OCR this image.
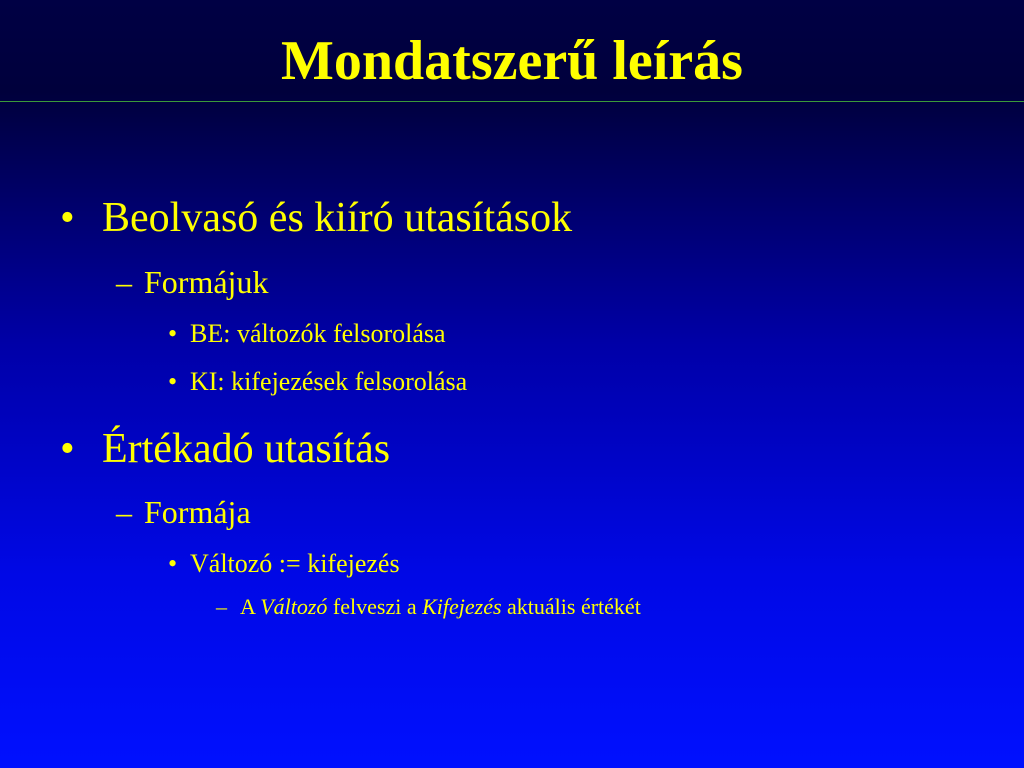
Mondatszerű leírás
• Beolvasó és kiíró utasítások
– Formájuk
• BE: változók felsorolása
• KI: kifejezések felsorolása
• Értékadó utasítás
– Formája
• Változó := kifejezés
– A Változó felveszi a Kifejezés aktuális értékét
